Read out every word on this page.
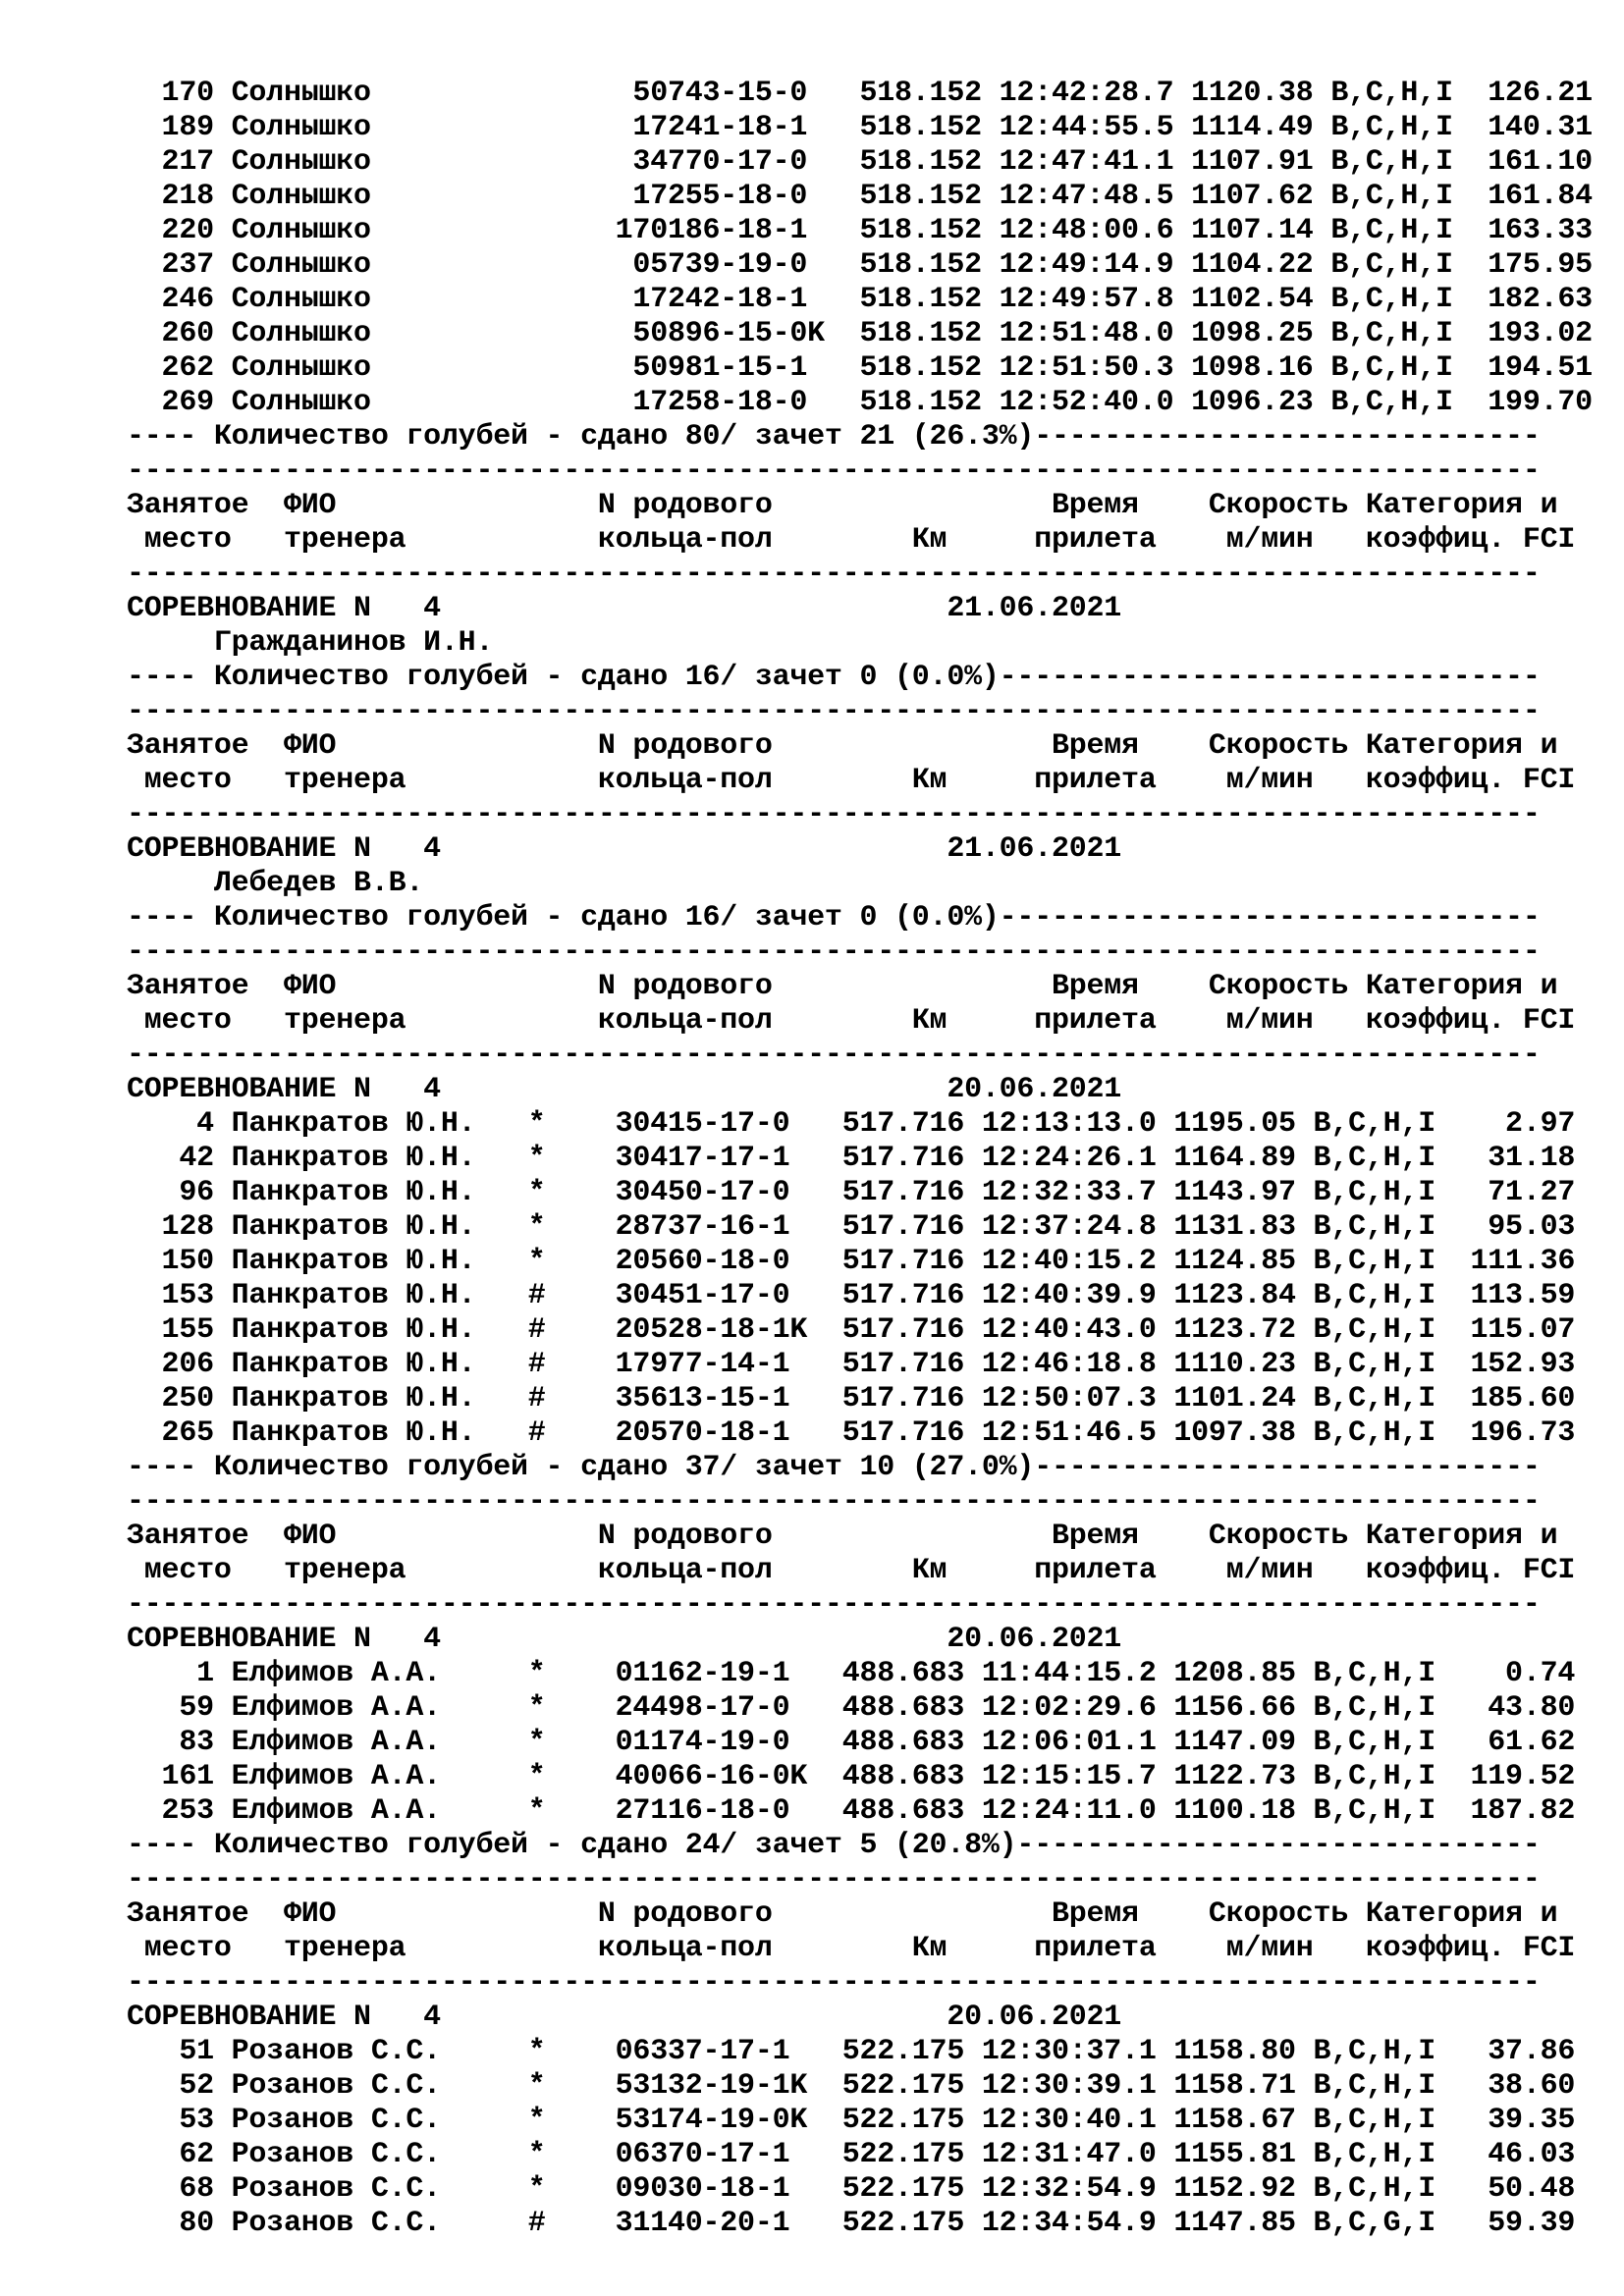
170 Солнышко               50743-15-0   518.152 12:42:28.7 1120.38 B,C,H,I  126.21
189 Солнышко               17241-18-1   518.152 12:44:55.5 1114.49 B,C,H,I  140.31
217 Солнышко               34770-17-0   518.152 12:47:41.1 1107.91 B,C,H,I  161.10
218 Солнышко               17255-18-0   518.152 12:47:48.5 1107.62 B,C,H,I  161.84
220 Солнышко              170186-18-1   518.152 12:48:00.6 1107.14 B,C,H,I  163.33
237 Солнышко               05739-19-0   518.152 12:49:14.9 1104.22 B,C,H,I  175.95
246 Солнышко               17242-18-1   518.152 12:49:57.8 1102.54 B,C,H,I  182.63
260 Солнышко               50896-15-0K  518.152 12:51:48.0 1098.25 B,C,H,I  193.02
262 Солнышко               50981-15-1   518.152 12:51:50.3 1098.16 B,C,H,I  194.51
269 Солнышко               17258-18-0   518.152 12:52:40.0 1096.23 B,C,H,I  199.70
---- Количество голубей - сдано 80/ зачет 21 (26.3%)-----------------------------
---------------------------------------------------------------------------------
Занятое  ФИО               N родового                Время    Скорость Категория и
место   тренера           кольца-пол        Км     прилета    м/мин   коэффиц. FCI
---------------------------------------------------------------------------------
СОРЕВНОВАНИЕ N   4                             21.06.2021
Гражданинов И.Н.
---- Количество голубей - сдано 16/ зачет 0 (0.0%)-------------------------------
---------------------------------------------------------------------------------
Занятое  ФИО               N родового                Время    Скорость Категория и
место   тренера           кольца-пол        Км     прилета    м/мин   коэффиц. FCI
---------------------------------------------------------------------------------
СОРЕВНОВАНИЕ N   4                             21.06.2021
Лебедев В.В.
---- Количество голубей - сдано 16/ зачет 0 (0.0%)-------------------------------
---------------------------------------------------------------------------------
Занятое  ФИО               N родового                Время    Скорость Категория и
место   тренера           кольца-пол        Км     прилета    м/мин   коэффиц. FCI
---------------------------------------------------------------------------------
СОРЕВНОВАНИЕ N   4                             20.06.2021
4 Панкратов Ю.Н.   *    30415-17-0   517.716 12:13:13.0 1195.05 B,C,H,I    2.97
42 Панкратов Ю.Н.   *    30417-17-1   517.716 12:24:26.1 1164.89 B,C,H,I   31.18
96 Панкратов Ю.Н.   *    30450-17-0   517.716 12:32:33.7 1143.97 B,C,H,I   71.27
128 Панкратов Ю.Н.   *    28737-16-1   517.716 12:37:24.8 1131.83 B,C,H,I   95.03
150 Панкратов Ю.Н.   *    20560-18-0   517.716 12:40:15.2 1124.85 B,C,H,I  111.36
153 Панкратов Ю.Н.   #    30451-17-0   517.716 12:40:39.9 1123.84 B,C,H,I  113.59
155 Панкратов Ю.Н.   #    20528-18-1K  517.716 12:40:43.0 1123.72 B,C,H,I  115.07
206 Панкратов Ю.Н.   #    17977-14-1   517.716 12:46:18.8 1110.23 B,C,H,I  152.93
250 Панкратов Ю.Н.   #    35613-15-1   517.716 12:50:07.3 1101.24 B,C,H,I  185.60
265 Панкратов Ю.Н.   #    20570-18-1   517.716 12:51:46.5 1097.38 B,C,H,I  196.73
---- Количество голубей - сдано 37/ зачет 10 (27.0%)-----------------------------
---------------------------------------------------------------------------------
Занятое  ФИО               N родового                Время    Скорость Категория и
место   тренера           кольца-пол        Км     прилета    м/мин   коэффиц. FCI
---------------------------------------------------------------------------------
СОРЕВНОВАНИЕ N   4                             20.06.2021
1 Елфимов А.А.     *    01162-19-1   488.683 11:44:15.2 1208.85 B,C,H,I    0.74
59 Елфимов А.А.     *    24498-17-0   488.683 12:02:29.6 1156.66 B,C,H,I   43.80
83 Елфимов А.А.     *    01174-19-0   488.683 12:06:01.1 1147.09 B,C,H,I   61.62
161 Елфимов А.А.     *    40066-16-0K  488.683 12:15:15.7 1122.73 B,C,H,I  119.52
253 Елфимов А.А.     *    27116-18-0   488.683 12:24:11.0 1100.18 B,C,H,I  187.82
---- Количество голубей - сдано 24/ зачет 5 (20.8%)------------------------------
---------------------------------------------------------------------------------
Занятое  ФИО               N родового                Время    Скорость Категория и
место   тренера           кольца-пол        Км     прилета    м/мин   коэффиц. FCI
---------------------------------------------------------------------------------
СОРЕВНОВАНИЕ N   4                             20.06.2021
51 Розанов С.С.     *    06337-17-1   522.175 12:30:37.1 1158.80 B,C,H,I   37.86
52 Розанов С.С.     *    53132-19-1K  522.175 12:30:39.1 1158.71 B,C,H,I   38.60
53 Розанов С.С.     *    53174-19-0K  522.175 12:30:40.1 1158.67 B,C,H,I   39.35
62 Розанов С.С.     *    06370-17-1   522.175 12:31:47.0 1155.81 B,C,H,I   46.03
68 Розанов С.С.     *    09030-18-1   522.175 12:32:54.9 1152.92 B,C,H,I   50.48
80 Розанов С.С.     #    31140-20-1   522.175 12:34:54.9 1147.85 B,C,G,I   59.39
